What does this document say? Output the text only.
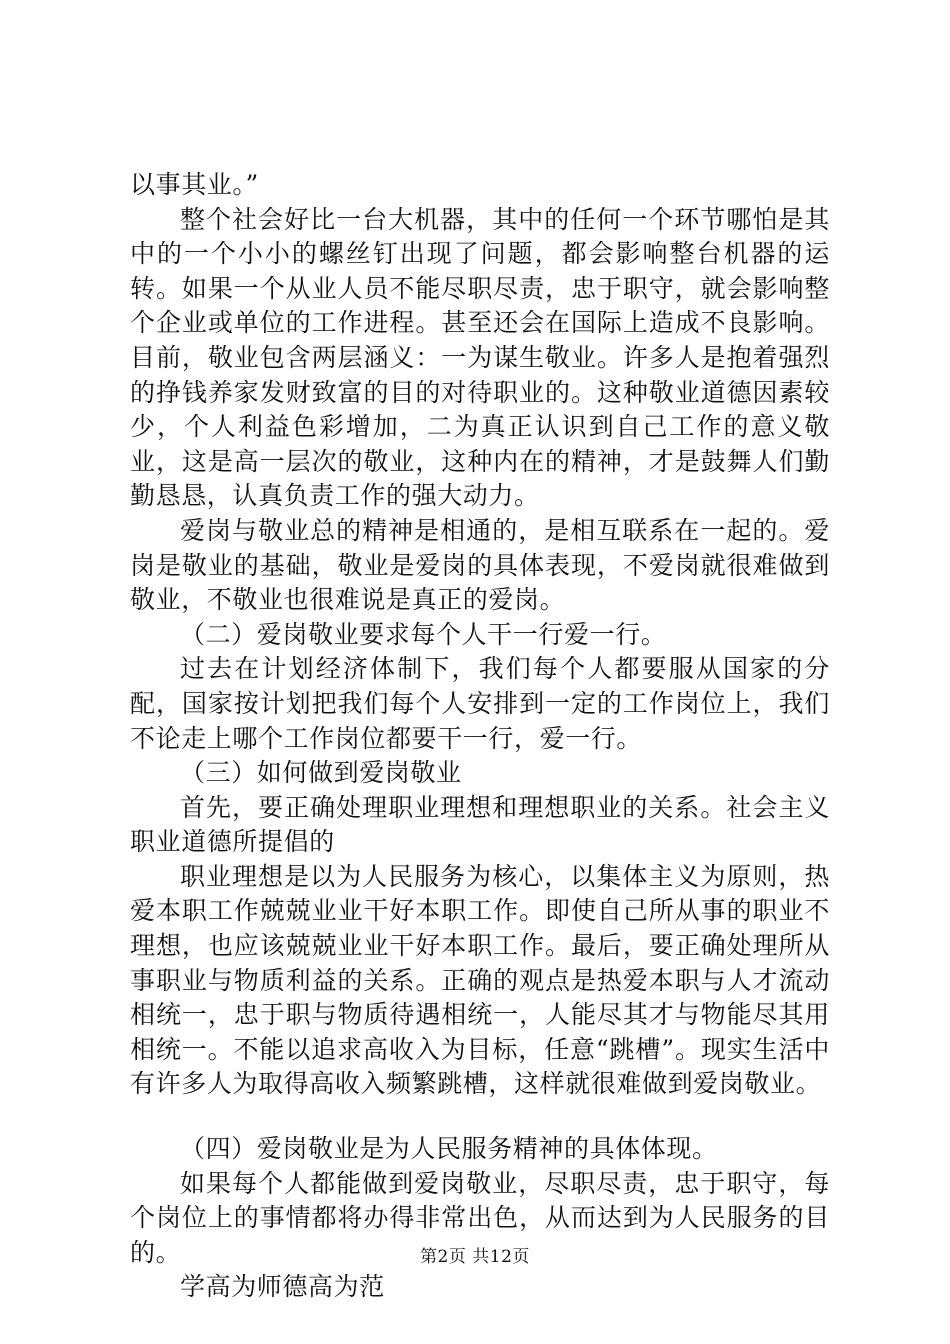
以事其业。”

整个社会好比一台大机器，其中的任何一个环节哪怕是其中的一个小小的螺丝钉出现了问题，都会影响整台机器的运转。如果一个从业人员不能尽职尽责，忠于职守，就会影响整个企业或单位的工作进程。甚至还会在国际上造成不良影响。目前，敬业包含两层涵义：一为谋生敬业。许多人是抱着强烈的挣钱养家发财致富的目的对待职业的。这种敬业道德因素较少，个人利益色彩增加，二为真正认识到自己工作的意义敬业，这是高一层次的敬业，这种内在的精神，才是鼓舞人们勤勤恳恳，认真负责工作的强大动力。

爱岗与敬业总的精神是相通的，是相互联系在一起的。爱岗是敬业的基础，敬业是爱岗的具体表现，不爱岗就很难做到敬业，不敬业也很难说是真正的爱岗。

（二）爱岗敬业要求每个人干一行爱一行。

过去在计划经济体制下，我们每个人都要服从国家的分配，国家按计划把我们每个人安排到一定的工作岗位上，我们不论走上哪个工作岗位都要干一行，爱一行。

（三）如何做到爱岗敬业

首先，要正确处理职业理想和理想职业的关系。社会主义职业道德所提倡的

职业理想是以为人民服务为核心，以集体主义为原则，热爱本职工作兢兢业业干好本职工作。即使自己所从事的职业不理想，也应该兢兢业业干好本职工作。最后，要正确处理所从事职业与物质利益的关系。正确的观点是热爱本职与人才流动相统一，忠于职与物质待遇相统一，人能尽其才与物能尽其用相统一。不能以追求高收入为目标，任意“跳槽”。现实生活中有许多人为取得高收入频繁跳槽，这样就很难做到爱岗敬业。

（四）爱岗敬业是为人民服务精神的具体体现。

如果每个人都能做到爱岗敬业，尽职尽责，忠于职守，每个岗位上的事情都将办得非常出色，从而达到为人民服务的目的。

学高为师德高为范

第2页 共12页
